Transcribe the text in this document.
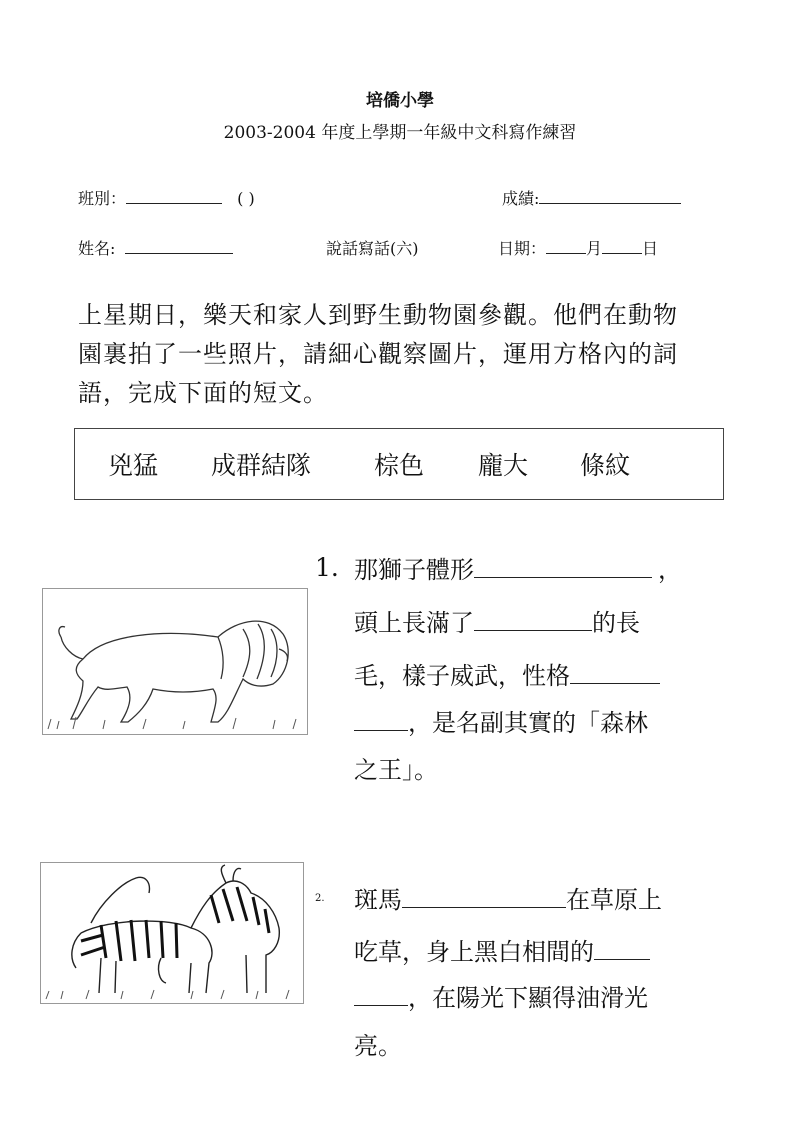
培僑小學
2003-2004 年度上學期一年級中文科寫作練習
班別：	( )	成績:
姓名:	說話寫話(六)	日期：	月	日
上星期日，樂天和家人到野生動物園參觀。他們在動物
園裏拍了一些照片，請細心觀察圖片，運用方格內的詞
語，完成下面的短文。
兇猛 成群結隊	棕色 龐大 條紋
1. 那獅子體形	，
頭上長滿了	的長
毛，樣子威武，性格
，是名副其實的「森林
之王」。
2. 斑馬	在草原上
吃草，身上黑白相間的
，在陽光下顯得油滑光
亮。
